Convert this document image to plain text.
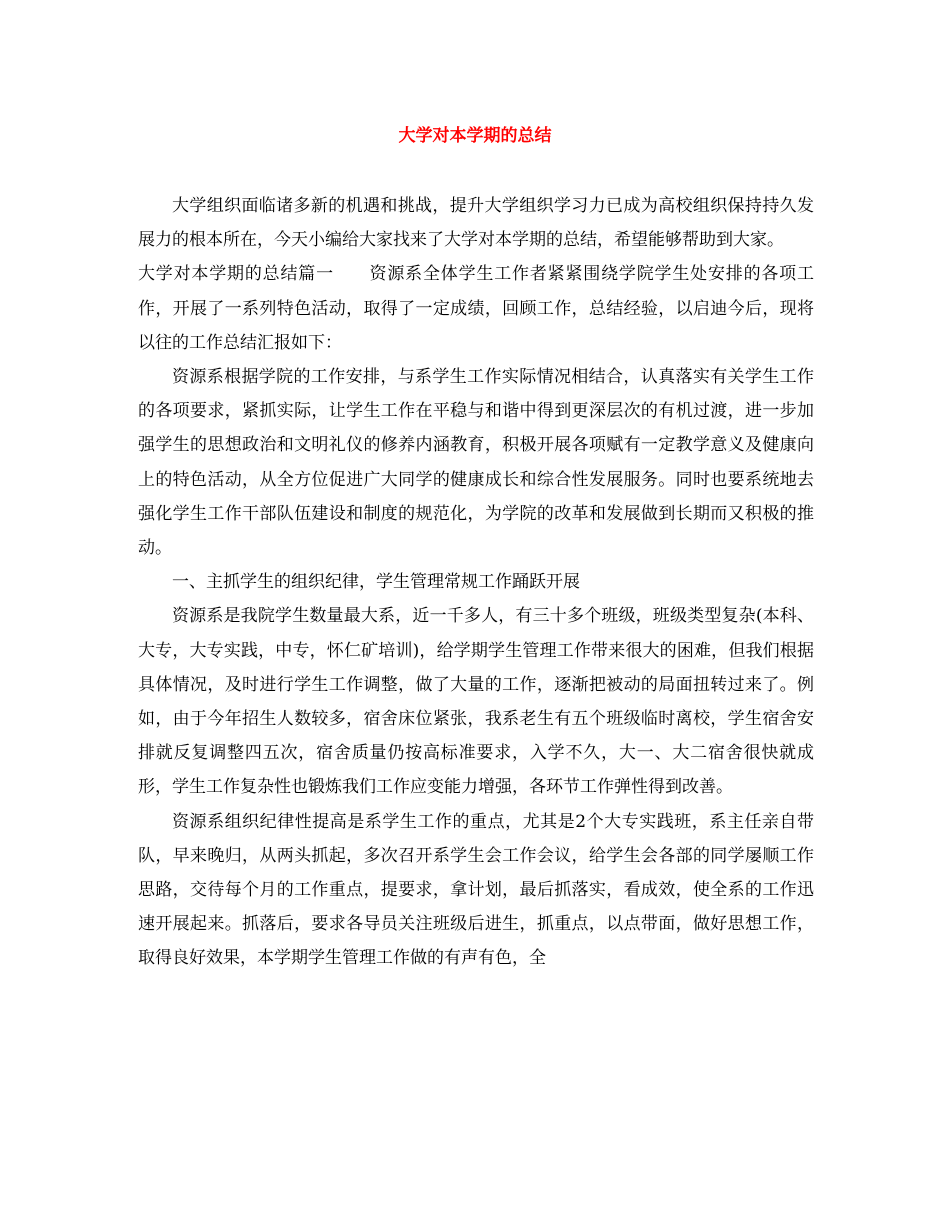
大学对本学期的总结

大学组织面临诸多新的机遇和挑战，提升大学组织学习力已成为高校组织保持持久发展力的根本所在，今天小编给大家找来了大学对本学期的总结，希望能够帮助到大家。

大学对本学期的总结篇一　　资源系全体学生工作者紧紧围绕学院学生处安排的各项工作，开展了一系列特色活动，取得了一定成绩，回顾工作，总结经验，以启迪今后，现将以往的工作总结汇报如下：

资源系根据学院的工作安排，与系学生工作实际情况相结合，认真落实有关学生工作的各项要求，紧抓实际，让学生工作在平稳与和谐中得到更深层次的有机过渡，进一步加强学生的思想政治和文明礼仪的修养内涵教育，积极开展各项赋有一定教学意义及健康向上的特色活动，从全方位促进广大同学的健康成长和综合性发展服务。同时也要系统地去强化学生工作干部队伍建设和制度的规范化，为学院的改革和发展做到长期而又积极的推动。

一、主抓学生的组织纪律，学生管理常规工作踊跃开展

资源系是我院学生数量最大系，近一千多人，有三十多个班级，班级类型复杂(本科、大专，大专实践，中专，怀仁矿培训)，给学期学生管理工作带来很大的困难，但我们根据具体情况，及时进行学生工作调整，做了大量的工作，逐渐把被动的局面扭转过来了。例如，由于今年招生人数较多，宿舍床位紧张，我系老生有五个班级临时离校，学生宿舍安排就反复调整四五次，宿舍质量仍按高标准要求，入学不久，大一、大二宿舍很快就成形，学生工作复杂性也锻炼我们工作应变能力增强，各环节工作弹性得到改善。

资源系组织纪律性提高是系学生工作的重点，尤其是2个大专实践班，系主任亲自带队，早来晚归，从两头抓起，多次召开系学生会工作会议，给学生会各部的同学屡顺工作思路，交待每个月的工作重点，提要求，拿计划，最后抓落实，看成效，使全系的工作迅速开展起来。抓落后，要求各导员关注班级后进生，抓重点，以点带面，做好思想工作，取得良好效果，本学期学生管理工作做的有声有色，全
